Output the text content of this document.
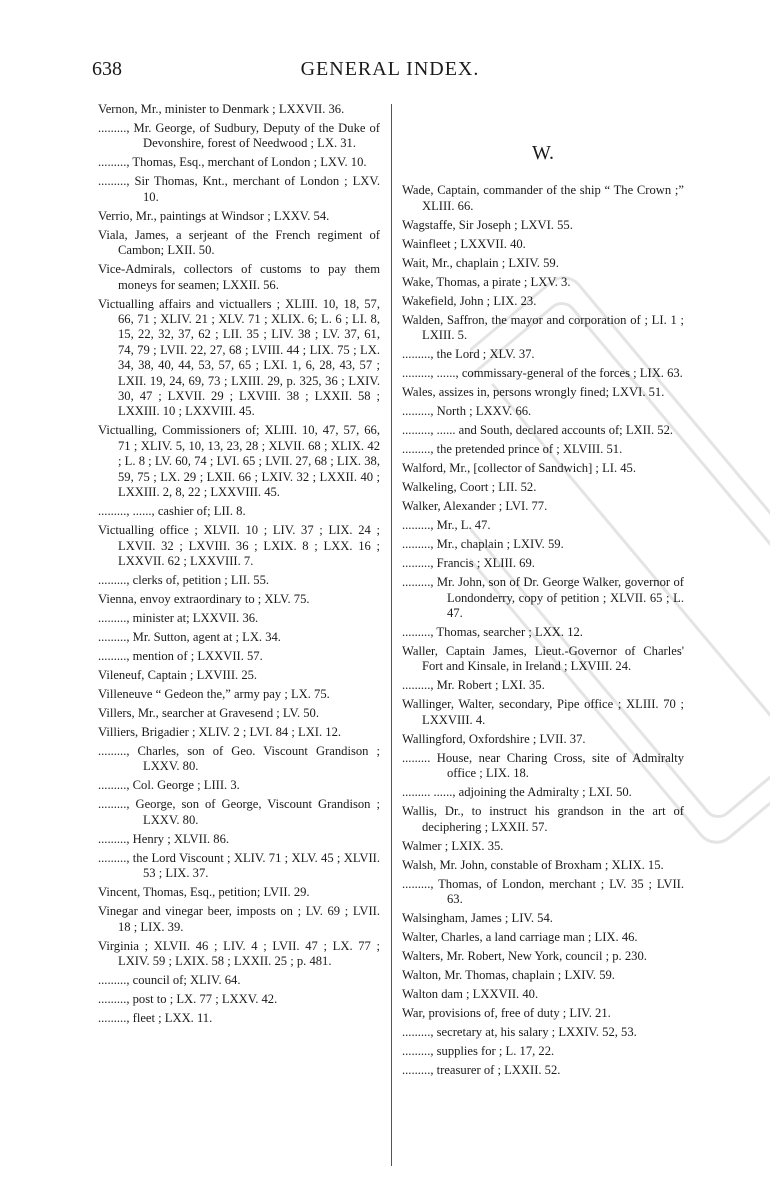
638	GENERAL INDEX.
Vernon, Mr., minister to Denmark ; LXXVII. 36.
........., Mr. George, of Sudbury, Deputy of the Duke of Devonshire, forest of Needwood ; LX. 31.
........., Thomas, Esq., merchant of London ; LXV. 10.
........., Sir Thomas, Knt., merchant of London ; LXV. 10.
Verrio, Mr., paintings at Windsor ; LXXV. 54.
Viala, James, a serjeant of the French regiment of Cambon; LXII. 50.
Vice-Admirals, collectors of customs to pay them moneys for seamen; LXXII. 56.
Victualling affairs and victuallers ; XLIII. 10, 18, 57, 66, 71 ; XLIV. 21 ; XLV. 71 ; XLIX. 6; L. 6 ; LI. 8, 15, 22, 32, 37, 62 ; LII. 35 ; LIV. 38 ; LV. 37, 61, 74, 79 ; LVII. 22, 27, 68 ; LVIII. 44 ; LIX. 75 ; LX. 34, 38, 40, 44, 53, 57, 65 ; LXI. 1, 6, 28, 43, 57 ; LXII. 19, 24, 69, 73 ; LXIII. 29, p. 325, 36 ; LXIV. 30, 47 ; LXVII. 29 ; LXVIII. 38 ; LXXII. 58 ; LXXIII. 10 ; LXXVIII. 45.
Victualling, Commissioners of; XLIII. 10, 47, 57, 66, 71 ; XLIV. 5, 10, 13, 23, 28 ; XLVII. 68 ; XLIX. 42 ; L. 8 ; LV. 60, 74 ; LVI. 65 ; LVII. 27, 68 ; LIX. 38, 59, 75 ; LX. 29 ; LXII. 66 ; LXIV. 32 ; LXXII. 40 ; LXXIII. 2, 8, 22 ; LXXVIII. 45.
........., ......, cashier of; LII. 8.
Victualling office ; XLVII. 10 ; LIV. 37 ; LIX. 24 ; LXVII. 32 ; LXVIII. 36 ; LXIX. 8 ; LXX. 16 ; LXXVII. 62 ; LXXVIII. 7.
........., clerks of, petition ; LII. 55.
Vienna, envoy extraordinary to ; XLV. 75.
........., minister at; LXXVII. 36.
........., Mr. Sutton, agent at ; LX. 34.
........., mention of ; LXXVII. 57.
Vileneuf, Captain ; LXVIII. 25.
Villeneuve “ Gedeon the,” army pay ; LX. 75.
Villers, Mr., searcher at Gravesend ; LV. 50.
Villiers, Brigadier ; XLIV. 2 ; LVI. 84 ; LXI. 12.
........., Charles, son of Geo. Viscount Grandison ; LXXV. 80.
........., Col. George ; LIII. 3.
........., George, son of George, Viscount Grandison ; LXXV. 80.
........., Henry ; XLVII. 86.
........., the Lord Viscount ; XLIV. 71 ; XLV. 45 ; XLVII. 53 ; LIX. 37.
Vincent, Thomas, Esq., petition; LVII. 29.
Vinegar and vinegar beer, imposts on ; LV. 69 ; LVII. 18 ; LIX. 39.
Virginia ; XLVII. 46 ; LIV. 4 ; LVII. 47 ; LX. 77 ; LXIV. 59 ; LXIX. 58 ; LXXII. 25 ; p. 481.
........., council of; XLIV. 64.
........., post to ; LX. 77 ; LXXV. 42.
........., fleet ; LXX. 11.
W.
Wade, Captain, commander of the ship “ The Crown ;” XLIII. 66.
Wagstaffe, Sir Joseph ; LXVI. 55.
Wainfleet ; LXXVII. 40.
Wait, Mr., chaplain ; LXIV. 59.
Wake, Thomas, a pirate ; LXV. 3.
Wakefield, John ; LIX. 23.
Walden, Saffron, the mayor and corporation of ; LI. 1 ; LXIII. 5.
........., the Lord ; XLV. 37.
........., ......, commissary-general of the forces ; LIX. 63.
Wales, assizes in, persons wrongly fined; LXVI. 51.
........., North ; LXXV. 66.
........., ...... and South, declared accounts of; LXII. 52.
........., the pretended prince of ; XLVIII. 51.
Walford, Mr., [collector of Sandwich] ; LI. 45.
Walkeling, Coort ; LII. 52.
Walker, Alexander ; LVI. 77.
........., Mr., L. 47.
........., Mr., chaplain ; LXIV. 59.
........., Francis ; XLIII. 69.
........., Mr. John, son of Dr. George Walker, governor of Londonderry, copy of petition ; XLVII. 65 ; L. 47.
........., Thomas, searcher ; LXX. 12.
Waller, Captain James, Lieut.-Governor of Charles' Fort and Kinsale, in Ireland ; LXVIII. 24.
........., Mr. Robert ; LXI. 35.
Wallinger, Walter, secondary, Pipe office ; XLIII. 70 ; LXXVIII. 4.
Wallingford, Oxfordshire ; LVII. 37.
......... House, near Charing Cross, site of Admiralty office ; LIX. 18.
......... ......, adjoining the Admiralty ; LXI. 50.
Wallis, Dr., to instruct his grandson in the art of deciphering ; LXXII. 57.
Walmer ; LXIX. 35.
Walsh, Mr. John, constable of Broxham ; XLIX. 15.
........., Thomas, of London, merchant ; LV. 35 ; LVII. 63.
Walsingham, James ; LIV. 54.
Walter, Charles, a land carriage man ; LIX. 46.
Walters, Mr. Robert, New York, council ; p. 230.
Walton, Mr. Thomas, chaplain ; LXIV. 59.
Walton dam ; LXXVII. 40.
War, provisions of, free of duty ; LIV. 21.
........., secretary at, his salary ; LXXIV. 52, 53.
........., supplies for ; L. 17, 22.
........., treasurer of ; LXXII. 52.
